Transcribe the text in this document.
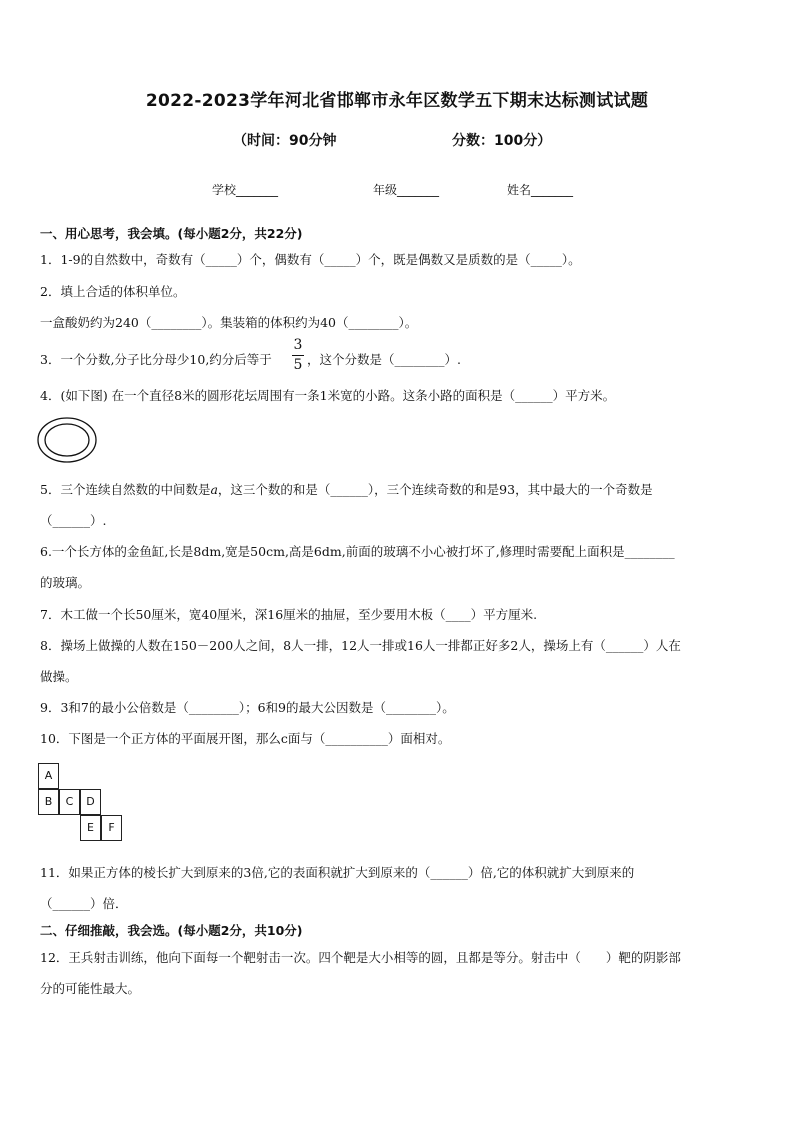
2022-2023学年河北省邯郸市永年区数学五下期末达标测试试题
（时间：90分钟	分数：100分）
学校_______	年级_______	姓名_______
一、用心思考，我会填。(每小题2分，共22分)
1．1-9的自然数中，奇数有（_____）个，偶数有（_____）个，既是偶数又是质数的是（_____）。
2．填上合适的体积单位。
一盒酸奶约为240（________）。集装箱的体积约为40（________）。
3．一个分数,分子比分母少10,约分后等于
3
5 ，这个分数是（________）.
4．(如下图) 在一个直径8米的圆形花坛周围有一条1米宽的小路。这条小路的面积是（______）平方米。
5．三个连续自然数的中间数是a，这三个数的和是（______），三个连续奇数的和是93，其中最大的一个奇数是
（______）.
6.一个长方体的金鱼缸,长是8dm,宽是50cm,高是6dm,前面的玻璃不小心被打坏了,修理时需要配上面积是________
的玻璃。
7．木工做一个长50厘米，宽40厘米，深16厘米的抽屉，至少要用木板（____）平方厘米.
8．操场上做操的人数在150－200人之间，8人一排，12人一排或16人一排都正好多2人，操场上有（______）人在
做操。
9．3和7的最小公倍数是（________）；6和9的最大公因数是（________）。
10．下图是一个正方体的平面展开图，那么c面与（__________）面相对。
A
B	C	D
E	F
11．如果正方体的棱长扩大到原来的3倍,它的表面积就扩大到原来的（______）倍,它的体积就扩大到原来的
（______）倍．
二、仔细推敲，我会选。(每小题2分，共10分)
12．王兵射击训练，他向下面每一个靶射击一次。四个靶是大小相等的圆，且都是等分。射击中（　　）靶的阴影部
分的可能性最大。
